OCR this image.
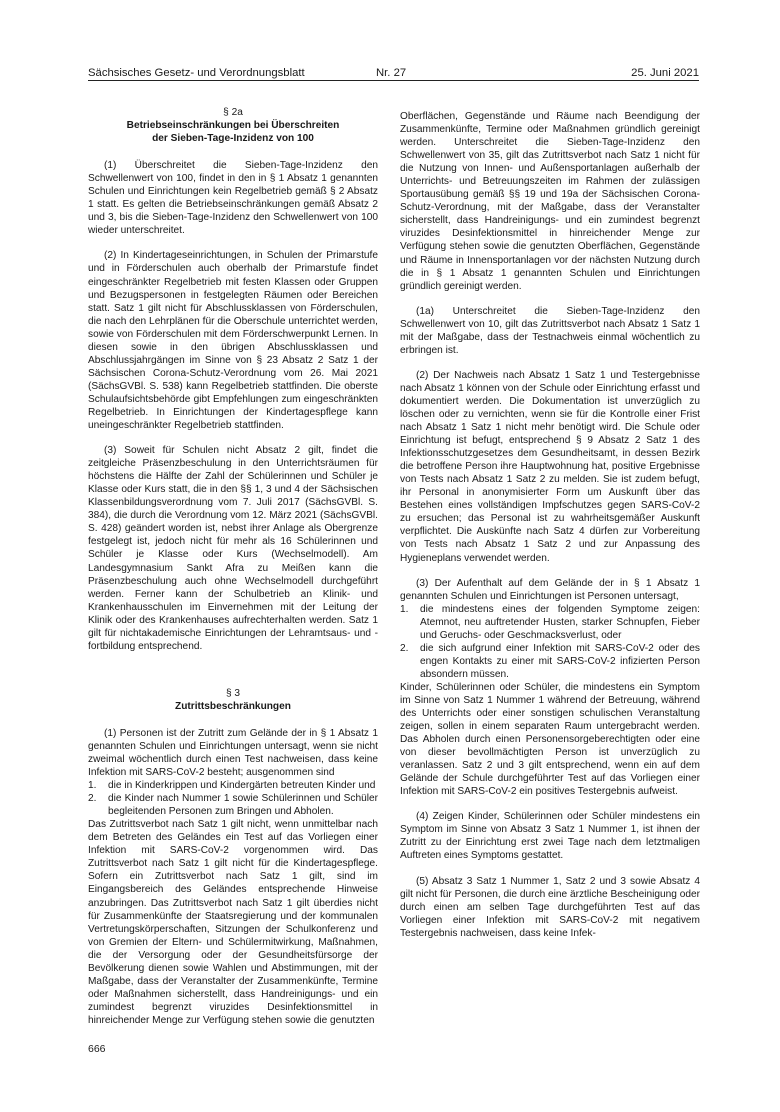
Sächsisches Gesetz- und Verordnungsblatt	Nr. 27	25. Juni 2021

§ 2a

Betriebseinschränkungen bei Überschreiten

der Sieben-Tage-Inzidenz von 100

(1) Überschreitet die Sieben-Tage-Inzidenz den Schwellenwert von 100, findet in den in § 1 Absatz 1 genannten Schulen und Einrichtungen kein Regelbetrieb gemäß § 2 Absatz 1 statt. Es gelten die Betriebseinschränkungen gemäß Absatz 2 und 3, bis die Sieben-Tage-Inzidenz den Schwellenwert von 100 wieder unterschreitet.

(2) In Kindertageseinrichtungen, in Schulen der Primarstufe und in Förderschulen auch oberhalb der Primarstufe findet eingeschränkter Regelbetrieb mit festen Klassen oder Gruppen und Bezugspersonen in festgelegten Räumen oder Bereichen statt. Satz 1 gilt nicht für Abschlussklassen von Förderschulen, die nach den Lehrplänen für die Oberschule unterrichtet werden, sowie von Förderschulen mit dem Förderschwerpunkt Lernen. In diesen sowie in den übrigen Abschlussklassen und Abschlussjahrgängen im Sinne von § 23 Absatz 2 Satz 1 der Sächsischen Corona-Schutz-Verordnung vom 26. Mai 2021 (SächsGVBl. S. 538) kann Regelbetrieb stattfinden. Die oberste Schulaufsichtsbehörde gibt Empfehlungen zum eingeschränkten Regelbetrieb. In Einrichtungen der Kindertagespflege kann uneingeschränkter Regelbetrieb stattfinden.

(3) Soweit für Schulen nicht Absatz 2 gilt, findet die zeitgleiche Präsenzbeschulung in den Unterrichtsräumen für höchstens die Hälfte der Zahl der Schülerinnen und Schüler je Klasse oder Kurs statt, die in den §§ 1, 3 und 4 der Sächsischen Klassenbildungsverordnung vom 7. Juli 2017 (SächsGVBl. S. 384), die durch die Verordnung vom 12. März 2021 (SächsGVBl. S. 428) geändert worden ist, nebst ihrer Anlage als Obergrenze festgelegt ist, jedoch nicht für mehr als 16 Schülerinnen und Schüler je Klasse oder Kurs (Wechselmodell). Am Landesgymnasium Sankt Afra zu Meißen kann die Präsenzbeschulung auch ohne Wechselmodell durchgeführt werden. Ferner kann der Schulbetrieb an Klinik- und Krankenhausschulen im Einvernehmen mit der Leitung der Klinik oder des Krankenhauses aufrechterhalten werden. Satz 1 gilt für nichtakademische Einrichtungen der Lehramtsaus- und -fortbildung entsprechend.

§ 3

Zutrittsbeschränkungen

(1) Personen ist der Zutritt zum Gelände der in § 1 Absatz 1 genannten Schulen und Einrichtungen untersagt, wenn sie nicht zweimal wöchentlich durch einen Test nachweisen, dass keine Infektion mit SARS-CoV-2 besteht; ausgenommen sind

1.	die in Kinderkrippen und Kindergärten betreuten Kinder und
2.	die Kinder nach Nummer 1 sowie Schülerinnen und Schüler begleitenden Personen zum Bringen und Abholen.

Das Zutrittsverbot nach Satz 1 gilt nicht, wenn unmittelbar nach dem Betreten des Geländes ein Test auf das Vorliegen einer Infektion mit SARS-CoV-2 vorgenommen wird. Das Zutrittsverbot nach Satz 1 gilt nicht für die Kindertagespflege. Sofern ein Zutrittsverbot nach Satz 1 gilt, sind im Eingangsbereich des Geländes entsprechende Hinweise anzubringen. Das Zutrittsverbot nach Satz 1 gilt überdies nicht für Zusammenkünfte der Staatsregierung und der kommunalen Vertretungskörperschaften, Sitzungen der Schulkonferenz und von Gremien der Eltern- und Schülermitwirkung, Maßnahmen, die der Versorgung oder der Gesundheitsfürsorge der Bevölkerung dienen sowie Wahlen und Abstimmungen, mit der Maßgabe, dass der Veranstalter der Zusammenkünfte, Termine oder Maßnahmen sicherstellt, dass Handreinigungs- und ein zumindest begrenzt viruzides Desinfektionsmittel in hinreichender Menge zur Verfügung stehen sowie die genutzten

Oberflächen, Gegenstände und Räume nach Beendigung der Zusammenkünfte, Termine oder Maßnahmen gründlich gereinigt werden. Unterschreitet die Sieben-Tage-Inzidenz den Schwellenwert von 35, gilt das Zutrittsverbot nach Satz 1 nicht für die Nutzung von Innen- und Außensportanlagen außerhalb der Unterrichts- und Betreuungszeiten im Rahmen der zulässigen Sportausübung gemäß §§ 19 und 19a der Sächsischen Corona-Schutz-Verordnung, mit der Maßgabe, dass der Veranstalter sicherstellt, dass Handreinigungs- und ein zumindest begrenzt viruzides Desinfektionsmittel in hinreichender Menge zur Verfügung stehen sowie die genutzten Oberflächen, Gegenstände und Räume in Innensportanlagen vor der nächsten Nutzung durch die in § 1 Absatz 1 genannten Schulen und Einrichtungen gründlich gereinigt werden.

(1a) Unterschreitet die Sieben-Tage-Inzidenz den Schwellenwert von 10, gilt das Zutrittsverbot nach Absatz 1 Satz 1 mit der Maßgabe, dass der Testnachweis einmal wöchentlich zu erbringen ist.

(2) Der Nachweis nach Absatz 1 Satz 1 und Testergebnisse nach Absatz 1 können von der Schule oder Einrichtung erfasst und dokumentiert werden. Die Dokumentation ist unverzüglich zu löschen oder zu vernichten, wenn sie für die Kontrolle einer Frist nach Absatz 1 Satz 1 nicht mehr benötigt wird. Die Schule oder Einrichtung ist befugt, entsprechend § 9 Absatz 2 Satz 1 des Infektionsschutzgesetzes dem Gesundheitsamt, in dessen Bezirk die betroffene Person ihre Hauptwohnung hat, positive Ergebnisse von Tests nach Absatz 1 Satz 2 zu melden. Sie ist zudem befugt, ihr Personal in anonymisierter Form um Auskunft über das Bestehen eines vollständigen Impfschutzes gegen SARS-CoV-2 zu ersuchen; das Personal ist zu wahrheitsgemäßer Auskunft verpflichtet. Die Auskünfte nach Satz 4 dürfen zur Vorbereitung von Tests nach Absatz 1 Satz 2 und zur Anpassung des Hygieneplans verwendet werden.

(3) Der Aufenthalt auf dem Gelände der in § 1 Absatz 1 genannten Schulen und Einrichtungen ist Personen untersagt,

1.	die mindestens eines der folgenden Symptome zeigen: Atemnot, neu auftretender Husten, starker Schnupfen, Fieber und Geruchs- oder Geschmacksverlust, oder
2.	die sich aufgrund einer Infektion mit SARS-CoV-2 oder des engen Kontakts zu einer mit SARS-CoV-2 infizierten Person absondern müssen.

Kinder, Schülerinnen oder Schüler, die mindestens ein Symptom im Sinne von Satz 1 Nummer 1 während der Betreuung, während des Unterrichts oder einer sonstigen schulischen Veranstaltung zeigen, sollen in einem separaten Raum untergebracht werden. Das Abholen durch einen Personensorgeberechtigten oder eine von dieser bevollmächtigten Person ist unverzüglich zu veranlassen. Satz 2 und 3 gilt entsprechend, wenn ein auf dem Gelände der Schule durchgeführter Test auf das Vorliegen einer Infektion mit SARS-CoV-2 ein positives Testergebnis aufweist.

(4) Zeigen Kinder, Schülerinnen oder Schüler mindestens ein Symptom im Sinne von Absatz 3 Satz 1 Nummer 1, ist ihnen der Zutritt zu der Einrichtung erst zwei Tage nach dem letztmaligen Auftreten eines Symptoms gestattet.

(5) Absatz 3 Satz 1 Nummer 1, Satz 2 und 3 sowie Absatz 4 gilt nicht für Personen, die durch eine ärztliche Bescheinigung oder durch einen am selben Tage durchgeführten Test auf das Vorliegen einer Infektion mit SARS-CoV-2 mit negativem Testergebnis nachweisen, dass keine Infek-

666
